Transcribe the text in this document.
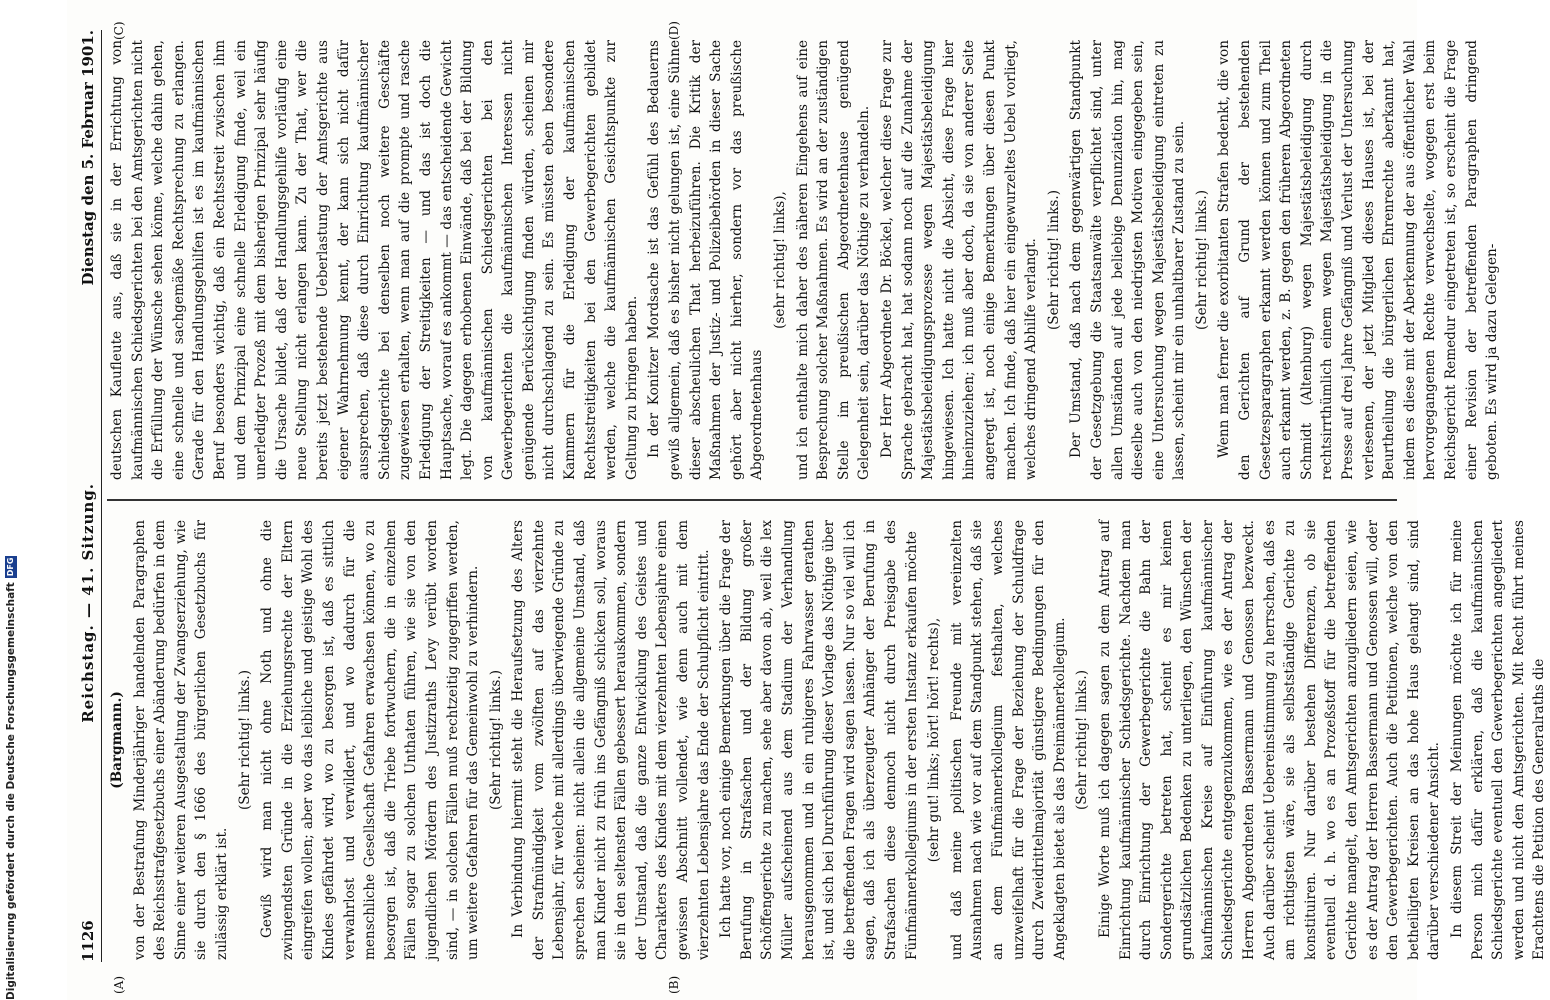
1126
Reichstag. — 41. Sitzung.
Dienstag den 5. Februar 1901.
(A)	(B)
(C)	(D)
(Bargmann.) von der Bestrafung Minderjähriger handelnden Paragraphen des Reichsstrafgesetzbuchs einer Abänderung bedürfen in dem Sinne einer weiteren Ausgestaltung der Zwangserziehung, wie sie durch den § 1666 des bürgerlichen Gesetzbuchs für zulässig erklärt ist.

(Sehr richtig! links.) Gewiß wird man nicht ohne Noth und ohne die zwingendsten Gründe in die Erziehungsrechte der Eltern eingreifen wollen; aber wo das leibliche und geistige Wohl des Kindes gefährdet wird, wo zu besorgen ist, daß es sittlich verwahrlost und verwildert, und wo dadurch für die menschliche Gesellschaft Gefahren erwachsen können, wo zu besorgen ist, daß die Triebe fortwuchern, die in einzelnen Fällen sogar zu solchen Unthaten führen, wie sie von den jugendlichen Mördern des Justizraths Levy verübt worden sind, — in solchen Fällen muß rechtzeitig zugegriffen werden, um weitere Gefahren für das Gemeinwohl zu verhindern. (Sehr richtig! links.) In Verbindung hiermit steht die Heraufsetzung des Alters der Strafmündigkeit vom zwölften auf das vierzehnte Lebensjahr, für welche mit allerdings überwiegende Gründe zu sprechen scheinen: nicht allein die allgemeine Umstand, daß man Kinder nicht zu früh ins Gefängniß schicken soll, woraus sie in den seltensten Fällen gebessert herauskommen, sondern der Umstand, daß die ganze Entwicklung des Geistes und Charakters des Kindes mit dem vierzehnten Lebensjahre einen gewissen Abschnitt vollendet, wie denn auch mit dem vierzehnten Lebensjahre das Ende der Schulpflicht eintritt. Ich hatte vor, noch einige Bemerkungen über die Frage der Berufung in Strafsachen und der Bildung großer Schöffengerichte zu machen, sehe aber davon ab, weil die lex Müller aufscheinend aus dem Stadium der Verhandlung herausgenommen und in ein ruhigeres Fahrwasser gerathen ist, und sich bei Durchführung dieser Vorlage das Nöthige über die betreffenden Fragen wird sagen lassen. Nur so viel will ich sagen, daß ich als überzeugter Anhänger der Berufung in Strafsachen diese dennoch nicht durch Preisgabe des Fünfmännerkollegiums in der ersten Instanz erkaufen möchte (sehr gut! links; hört! hört! rechts), und daß meine politischen Freunde mit vereinzelten Ausnahmen nach wie vor auf dem Standpunkt stehen, daß sie an dem Fünfmännerkollegium festhalten, welches unzweifelhaft für die Frage der Beziehung der Schuldfrage durch Zweidrittelmajorität günstigere Bedingungen für den Angeklagten bietet als das Dreimännerkollegium. (Sehr richtig! links.) Einige Worte muß ich dagegen sagen zu dem Antrag auf Einrichtung kaufmännischer Schiedsgerichte. Nachdem man durch Einrichtung der Gewerbegerichte die Bahn der Sondergerichte betreten hat, scheint es mir keinen grundsätzlichen Bedenken zu unterliegen, den Wünschen der kaufmännischen Kreise auf Einführung kaufmännischer Schiedsgerichte entgegenzukommen, wie es der Antrag der Herren Abgeordneten Bassermann und Genossen bezweckt. Auch darüber scheint Uebereinstimmung zu herrschen, daß es am richtigsten wäre, sie als selbstständige Gerichte zu konstituiren. Nur darüber bestehen Differenzen, ob sie eventuell d. h. wo es an Prozeßstoff für die betreffenden Gerichte mangelt, den Amtsgerichten anzugliedern seien, wie es der Antrag der Herren Bassermann und Genossen will, oder den Gewerbegerichten. Auch die Petitionen, welche von den betheiligten Kreisen an das hohe Haus gelangt sind, sind darüber verschiedener Ansicht. In diesem Streit der Meinungen möchte ich für meine Person mich dafür erklären, daß die kaufmännischen Schiedsgerichte eventuell den Gewerbegerichten angegliedert werden und nicht den Amtsgerichten. Mit Recht führt meines Erachtens die Petition des Generalraths die

deutschen Kaufleute aus, daß sie in der Errichtung von kaufmännischen Schiedsgerichten bei den Amtsgerichten nicht die Erfüllung der Wünsche sehen könne, welche dahin gehen, eine schnelle und sachgemäße Rechtsprechung zu erlangen. Gerade für den Handlungsgehilfen ist es im kaufmännischen Beruf besonders wichtig, daß ein Rechtsstreit zwischen ihm und dem Prinzipal eine schnelle Erledigung finde, weil ein unerledigter Prozeß mit dem bisherigen Prinzipal sehr häufig die Ursache bildet, daß der Handlungsgehilfe vorläufig eine neue Stellung nicht erlangen kann. Zu der That, wer die bereits jetzt bestehende Ueberlastung der Amtsgerichte aus eigener Wahrnehmung kennt, der kann sich nicht dafür aussprechen, daß diese durch Einrichtung kaufmännischer Schiedsgerichte bei denselben noch weitere Geschäfte zugewiesen erhalten, wenn man auf die prompte und rasche Erledigung der Streitigkeiten — und das ist doch die Hauptsache, worauf es ankommt — das entscheidende Gewicht legt. Die dagegen erhobenen Einwände, daß bei der Bildung von kaufmännischen Schiedsgerichten bei den Gewerbegerichten die kaufmännischen Interessen nicht genügende Berücksichtigung finden würden, scheinen mir nicht durchschlagend zu sein. Es müssten eben besondere Kammern für die Erledigung der kaufmännischen Rechtsstreitigkeiten bei den Gewerbegerichten gebildet werden, welche die kaufmännischen Gesichtspunkte zur Geltung zu bringen haben. In der Konitzer Mordsache ist das Gefühl des Bedauerns gewiß allgemein, daß es bisher nicht gelungen ist, eine Sühne dieser abscheulichen That herbeizuführen. Die Kritik der Maßnahmen der Justiz- und Polizeibehörden in dieser Sache gehört aber nicht hierher, sondern vor das preußische Abgeordnetenhaus

(sehr richtig! links), und ich enthalte mich daher des näheren Eingehens auf eine Besprechung solcher Maßnahmen. Es wird an der zuständigen Stelle im preußischen Abgeordnetenhause genügend Gelegenheit sein, darüber das Nöthige zu verhandeln. Der Herr Abgeordnete Dr. Böckel, welcher diese Frage zur Sprache gebracht hat, hat sodann noch auf die Zunahme der Majestätsbeleidigungsprozesse wegen Majestätsbeleidigung hingewiesen. Ich hatte nicht die Absicht, diese Frage hier hineinzuziehen; ich muß aber doch, da sie von anderer Seite angeregt ist, noch einige Bemerkungen über diesen Punkt machen. Ich finde, daß hier ein eingewurzeltes Uebel vorliegt, welches dringend Abhilfe verlangt. (Sehr richtig! links.) Der Umstand, daß nach dem gegenwärtigen Standpunkt der Gesetzgebung die Staatsanwälte verpflichtet sind, unter allen Umständen auf jede beliebige Denunziation hin, mag dieselbe auch von den niedrigsten Motiven eingegeben sein, eine Untersuchung wegen Majestätsbeleidigung eintreten zu lassen, scheint mir ein unhaltbarer Zustand zu sein. (Sehr richtig! links.) Wenn man ferner die exorbitanten Strafen bedenkt, die von den Gerichten auf Grund der bestehenden Gesetzesparagraphen erkannt werden können und zum Theil auch erkannt werden, z. B. gegen den früheren Abgeordneten Schmidt (Altenburg) wegen Majestätsbeleidigung durch rechtsirrthümlich einem wegen Majestätsbeleidigung in die Presse auf drei Jahre Gefängniß und Verlust der Untersuchung verlesenen, der jetzt Mitglied dieses Hauses ist, bei der Beurtheilung die bürgerlichen Ehrenrechte aberkannt hat, indem es diese mit der Aberkennung der aus öffentlicher Wahl hervorgegangenen Rechte verwechselte, wogegen erst beim Reichsgericht Remedur eingetreten ist, so erscheint die Frage einer Revision der betreffenden Paragraphen dringend geboten. Es wird ja dazu Gelegen-

Digitalisierung gefördert durch die Deutsche Forschungsgemeinschaft
DFG
